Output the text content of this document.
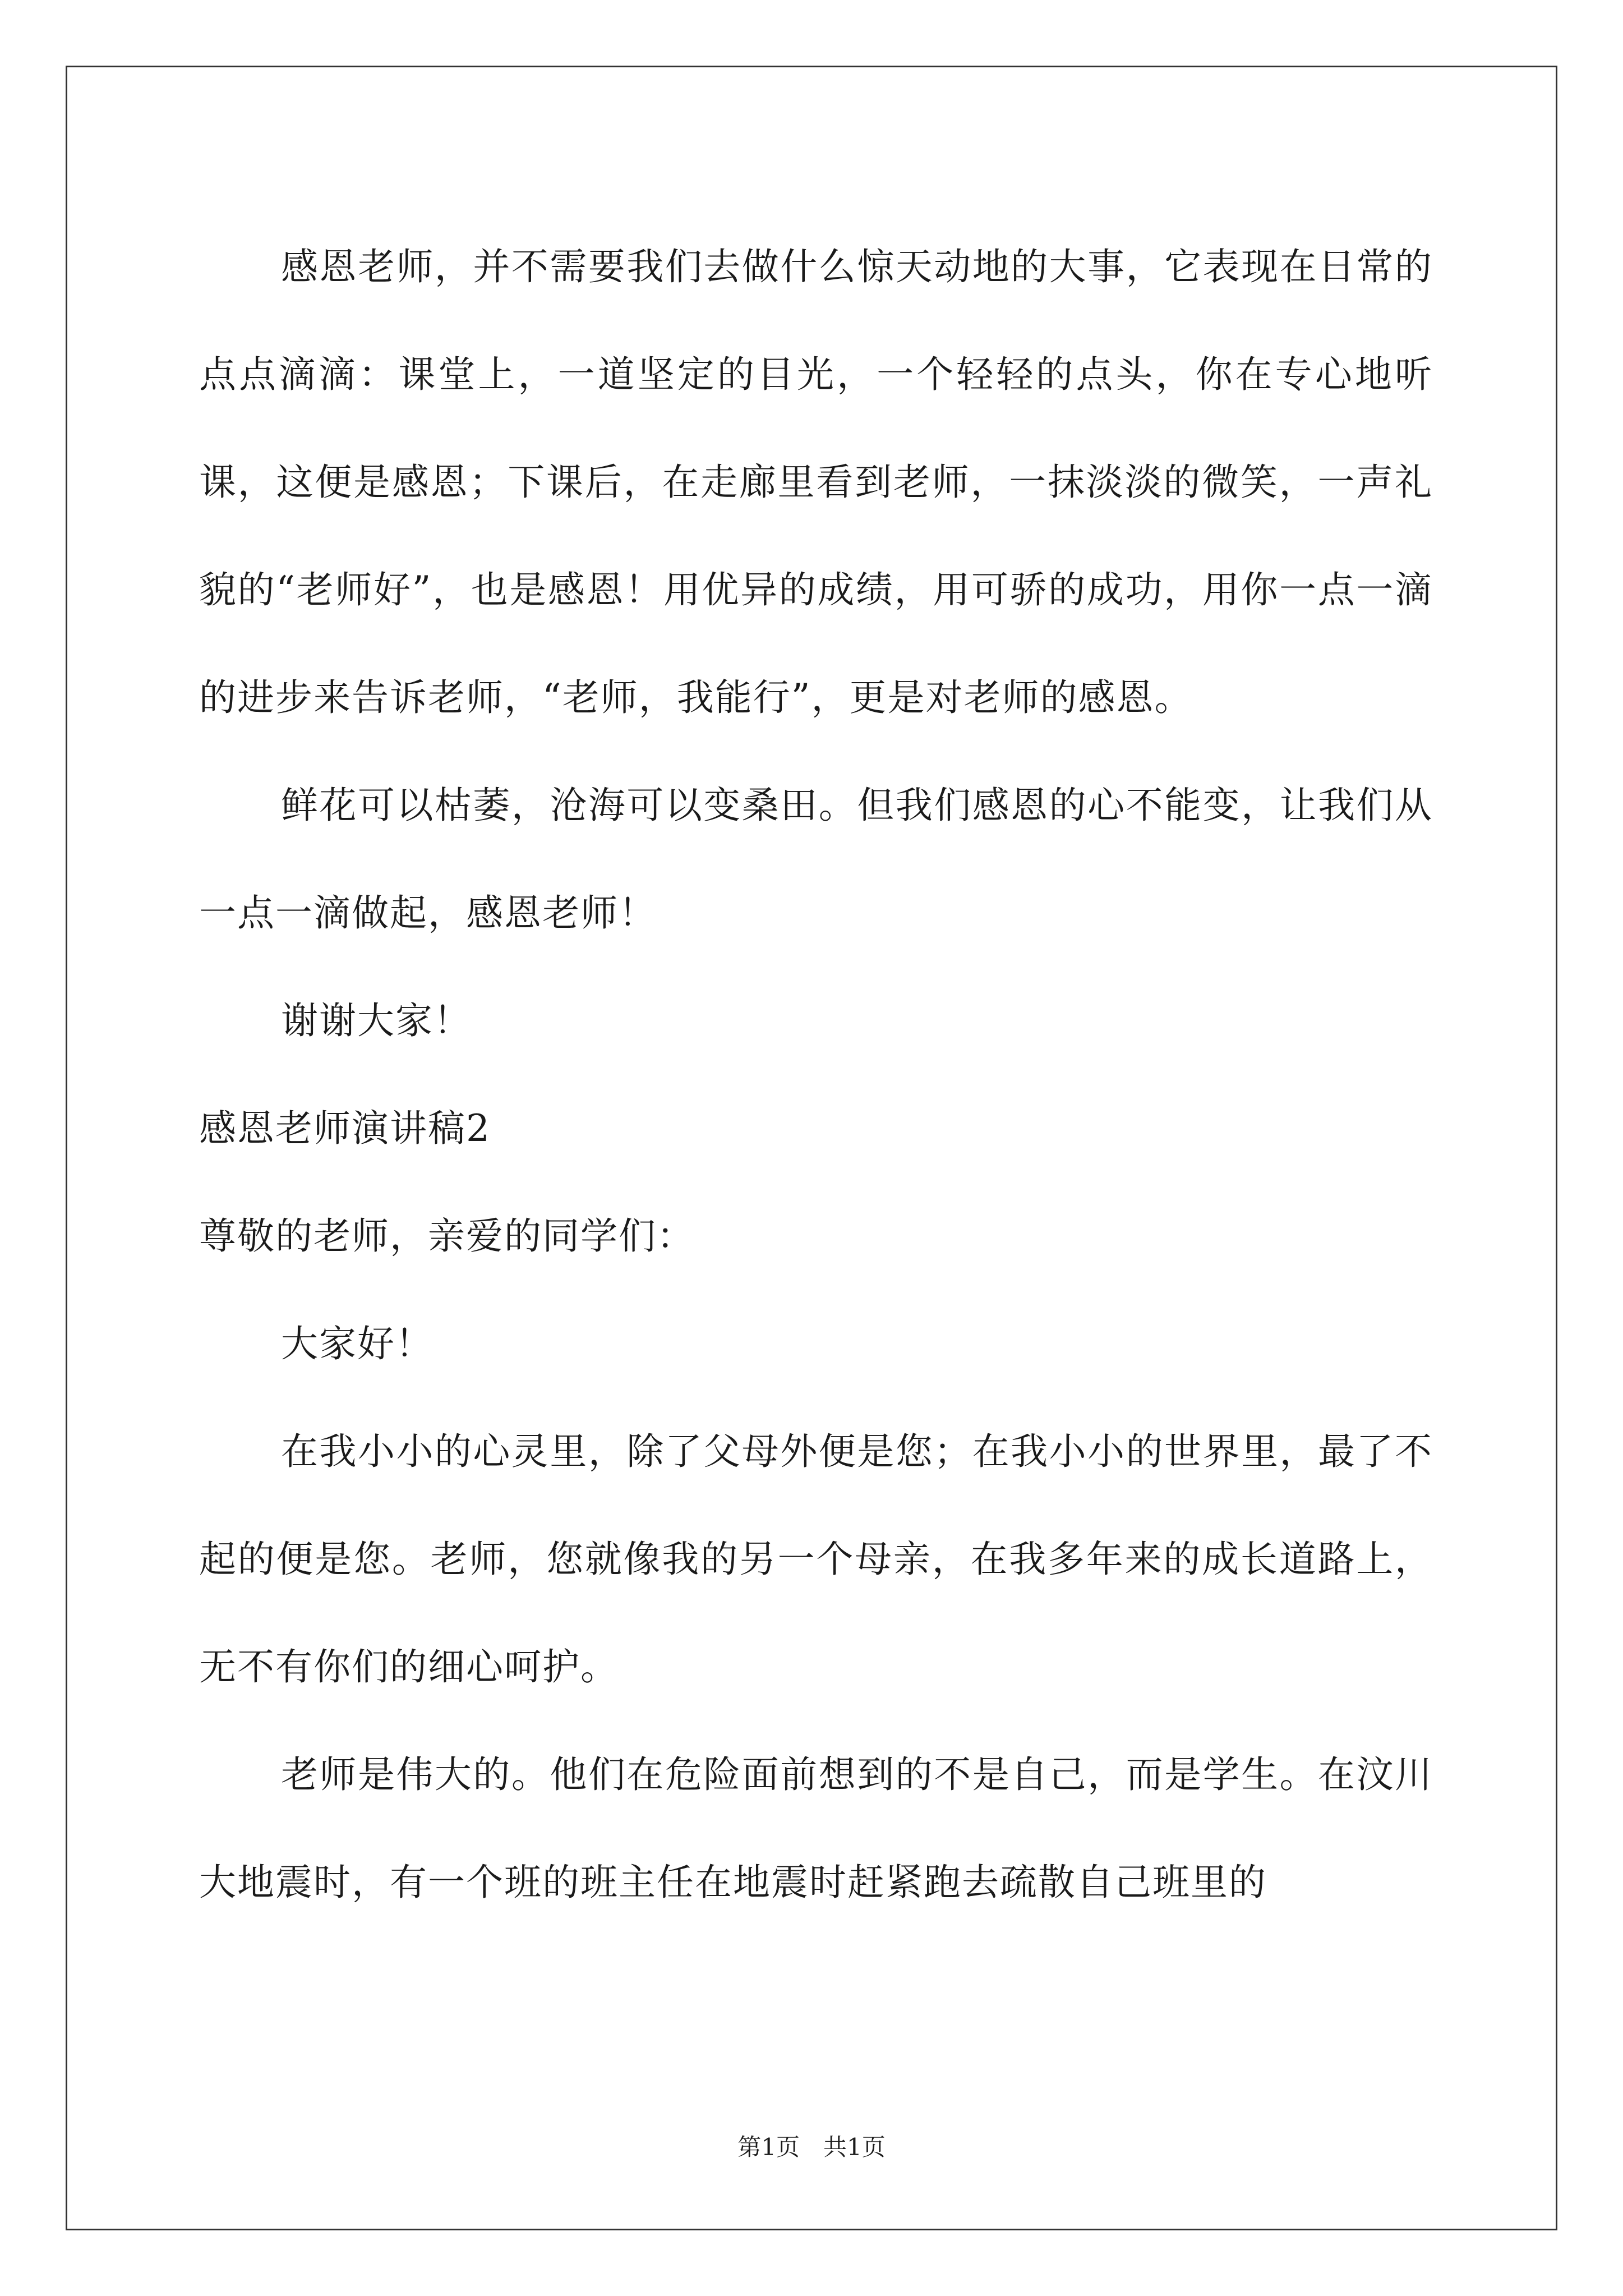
感恩老师，并不需要我们去做什么惊天动地的大事，它表现在日常的点点滴滴：课堂上，一道坚定的目光，一个轻轻的点头，你在专心地听课，这便是感恩；下课后，在走廊里看到老师，一抹淡淡的微笑，一声礼貌的“老师好”，也是感恩！用优异的成绩，用可骄的成功，用你一点一滴的进步来告诉老师，“老师，我能行”，更是对老师的感恩。

鲜花可以枯萎，沧海可以变桑田。但我们感恩的心不能变，让我们从一点一滴做起，感恩老师！

谢谢大家！

感恩老师演讲稿2

尊敬的老师，亲爱的同学们：

大家好！

在我小小的心灵里，除了父母外便是您；在我小小的世界里，最了不起的便是您。老师，您就像我的另一个母亲，在我多年来的成长道路上，无不有你们的细心呵护。

老师是伟大的。他们在危险面前想到的不是自己，而是学生。在汶川大地震时，有一个班的班主任在地震时赶紧跑去疏散自己班里的

第1页　共1页
